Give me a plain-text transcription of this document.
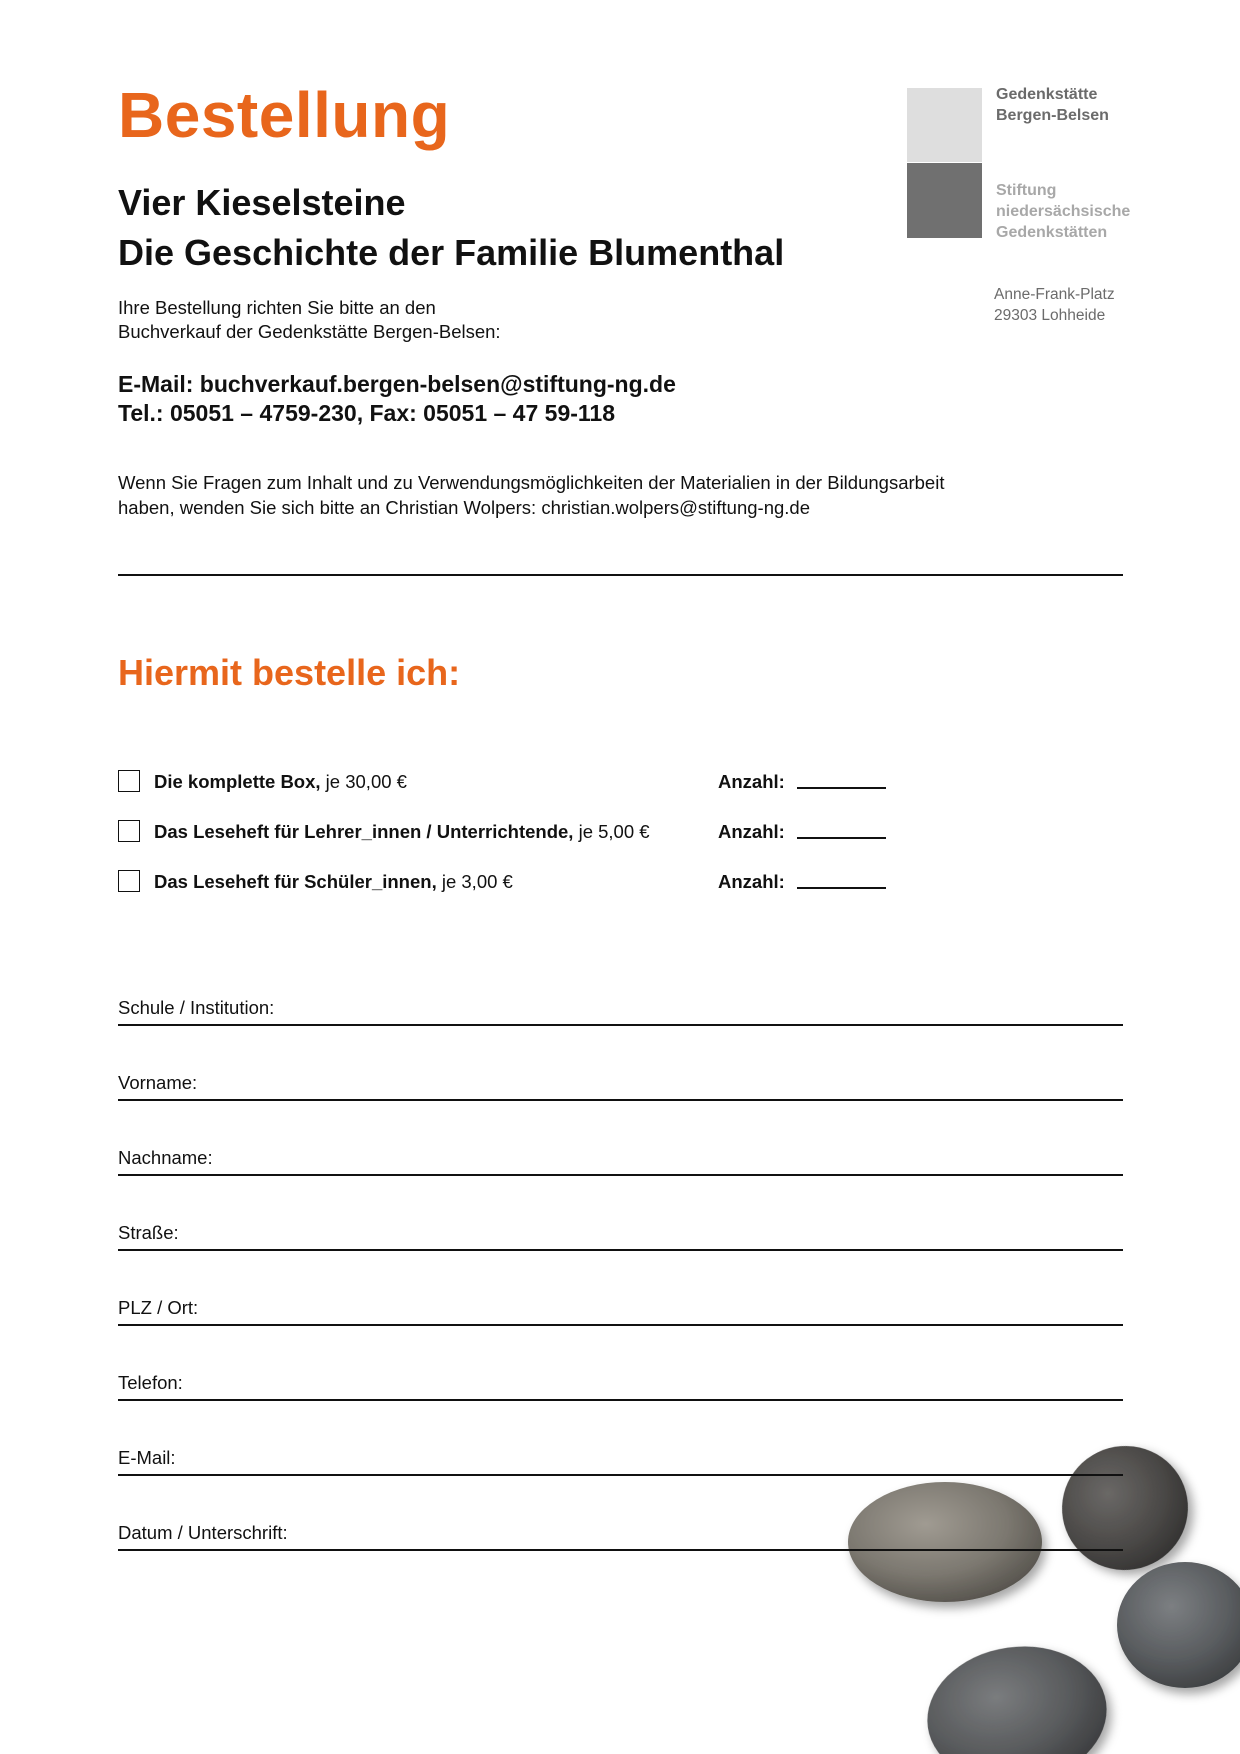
Bestellung
Vier Kieselsteine
Die Geschichte der Familie Blumenthal
Ihre Bestellung richten Sie bitte an den
Buchverkauf der Gedenkstätte Bergen-Belsen:
E-Mail: buchverkauf.bergen-belsen@stiftung-ng.de
Tel.: 05051 – 4759-230, Fax: 05051 – 47 59-118
Wenn Sie Fragen zum Inhalt und zu Verwendungsmöglichkeiten der Materialien in der Bildungsarbeit
haben, wenden Sie sich bitte an Christian Wolpers: christian.wolpers@stiftung-ng.de
Gedenkstätte
Bergen-Belsen
Stiftung
niedersächsische
Gedenkstätten
Anne-Frank-Platz
29303 Lohheide
Hiermit bestelle ich:
Die komplette Box, je 30,00 €	Anzahl:
Das Leseheft für Lehrer_innen / Unterrichtende, je 5,00 €	Anzahl:
Das Leseheft für Schüler_innen, je 3,00 €	Anzahl:
Schule / Institution:
Vorname:
Nachname:
Straße:
PLZ / Ort:
Telefon:
E-Mail:
Datum / Unterschrift:
